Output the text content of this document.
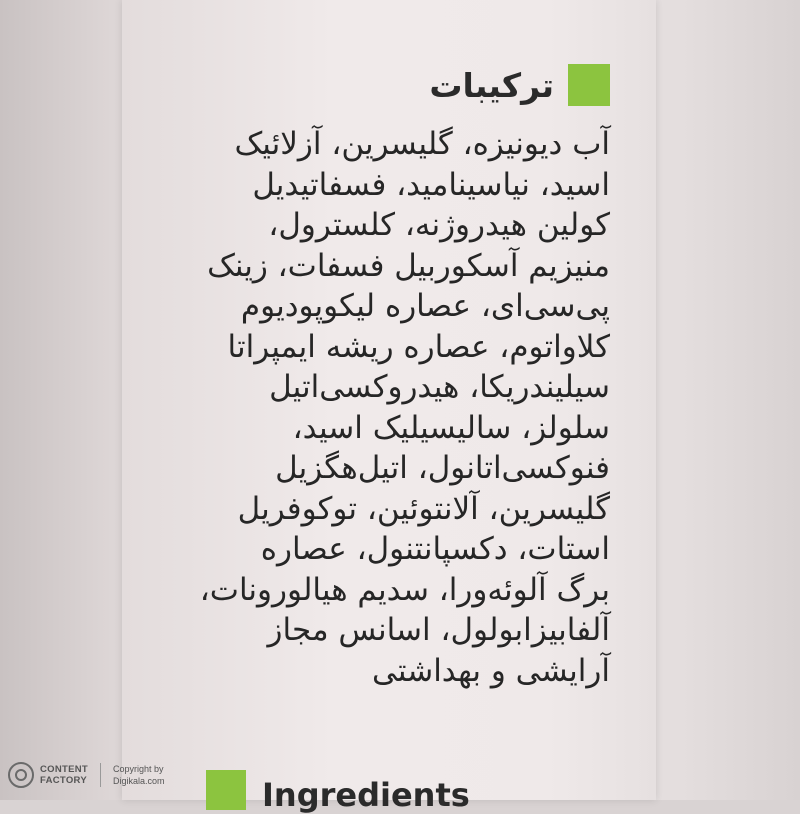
ترکیبات
آب دیونیزه، گلیسرین، آزلائیک
اسید، نیاسینامید، فسفاتیدیل
کولین هیدروژنه، کلسترول،
منیزیم آسکوربیل فسفات، زینک
پی‌سی‌ای، عصاره لیکوپودیوم
کلاواتوم، عصاره ریشه ایمپراتا
سیلیندریکا، هیدروکسی‌اتیل
سلولز، سالیسیلیک اسید،
فنوکسی‌اتانول، اتیل‌هگزیل
گلیسرین، آلانتوئین، توکوفریل
استات، دکسپانتنول، عصاره
برگ آلوئه‌ورا، سدیم هیالورونات،
آلفابیزابولول، اسانس مجاز
آرایشی و بهداشتی
Ingredients
CONTENT
FACTORY
Copyright by
Digikala.com
